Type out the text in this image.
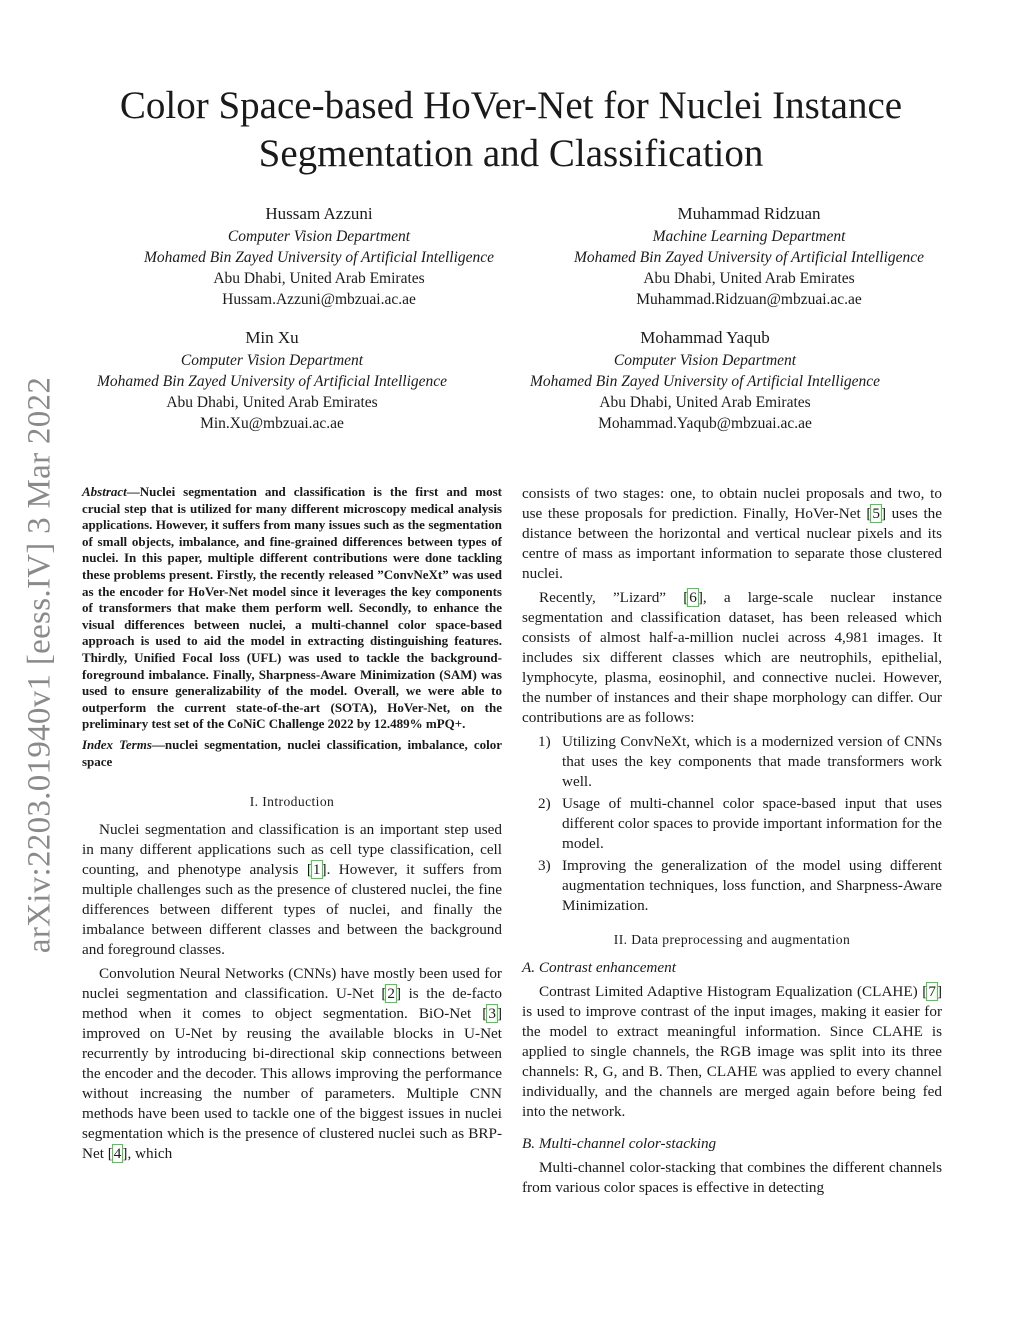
arXiv:2203.01940v1 [eess.IV] 3 Mar 2022
Color Space-based HoVer-Net for Nuclei Instance
Segmentation and Classification
Hussam Azzuni
Computer Vision Department
Mohamed Bin Zayed University of Artificial Intelligence
Abu Dhabi, United Arab Emirates
Hussam.Azzuni@mbzuai.ac.ae
Muhammad Ridzuan
Machine Learning Department
Mohamed Bin Zayed University of Artificial Intelligence
Abu Dhabi, United Arab Emirates
Muhammad.Ridzuan@mbzuai.ac.ae
Min Xu
Computer Vision Department
Mohamed Bin Zayed University of Artificial Intelligence
Abu Dhabi, United Arab Emirates
Min.Xu@mbzuai.ac.ae
Mohammad Yaqub
Computer Vision Department
Mohamed Bin Zayed University of Artificial Intelligence
Abu Dhabi, United Arab Emirates
Mohammad.Yaqub@mbzuai.ac.ae

Abstract—Nuclei segmentation and classification is the first and most crucial step that is utilized for many different microscopy medical analysis applications. However, it suffers from many issues such as the segmentation of small objects, imbalance, and fine-grained differences between types of nuclei. In this paper, multiple different contributions were done tackling these problems present. Firstly, the recently released ”ConvNeXt” was used as the encoder for HoVer-Net model since it leverages the key components of transformers that make them perform well. Secondly, to enhance the visual differences between nuclei, a multi-channel color space-based approach is used to aid the model in extracting distinguishing features. Thirdly, Unified Focal loss (UFL) was used to tackle the background-foreground imbalance. Finally, Sharpness-Aware Minimization (SAM) was used to ensure generalizability of the model. Overall, we were able to outperform the current state-of-the-art (SOTA), HoVer-Net, on the preliminary test set of the CoNiC Challenge 2022 by 12.489% mPQ+.

Index Terms—nuclei segmentation, nuclei classification, imbalance, color space

I. Introduction

Nuclei segmentation and classification is an important step used in many different applications such as cell type classification, cell counting, and phenotype analysis [1]. However, it suffers from multiple challenges such as the presence of clustered nuclei, the fine differences between different types of nuclei, and finally the imbalance between different classes and between the background and foreground classes.

Convolution Neural Networks (CNNs) have mostly been used for nuclei segmentation and classification. U-Net [2] is the de-facto method when it comes to object segmentation. BiO-Net [3] improved on U-Net by reusing the available blocks in U-Net recurrently by introducing bi-directional skip connections between the encoder and the decoder. This allows improving the performance without increasing the number of parameters. Multiple CNN methods have been used to tackle one of the biggest issues in nuclei segmentation which is the presence of clustered nuclei such as BRP-Net [4], which

consists of two stages: one, to obtain nuclei proposals and two, to use these proposals for prediction. Finally, HoVer-Net [5] uses the distance between the horizontal and vertical nuclear pixels and its centre of mass as important information to separate those clustered nuclei.

Recently, ”Lizard” [6], a large-scale nuclear instance segmentation and classification dataset, has been released which consists of almost half-a-million nuclei across 4,981 images. It includes six different classes which are neutrophils, epithelial, lymphocyte, plasma, eosinophil, and connective nuclei. However, the number of instances and their shape morphology can differ. Our contributions are as follows:

1) Utilizing ConvNeXt, which is a modernized version of CNNs that uses the key components that made transformers work well.
2) Usage of multi-channel color space-based input that uses different color spaces to provide important information for the model.
3) Improving the generalization of the model using different augmentation techniques, loss function, and Sharpness-Aware Minimization.
II. Data preprocessing and augmentation
A. Contrast enhancement

Contrast Limited Adaptive Histogram Equalization (CLAHE) [7] is used to improve contrast of the input images, making it easier for the model to extract meaningful information. Since CLAHE is applied to single channels, the RGB image was split into its three channels: R, G, and B. Then, CLAHE was applied to every channel individually, and the channels are merged again before being fed into the network.

B. Multi-channel color-stacking

Multi-channel color-stacking that combines the different channels from various color spaces is effective in detecting
